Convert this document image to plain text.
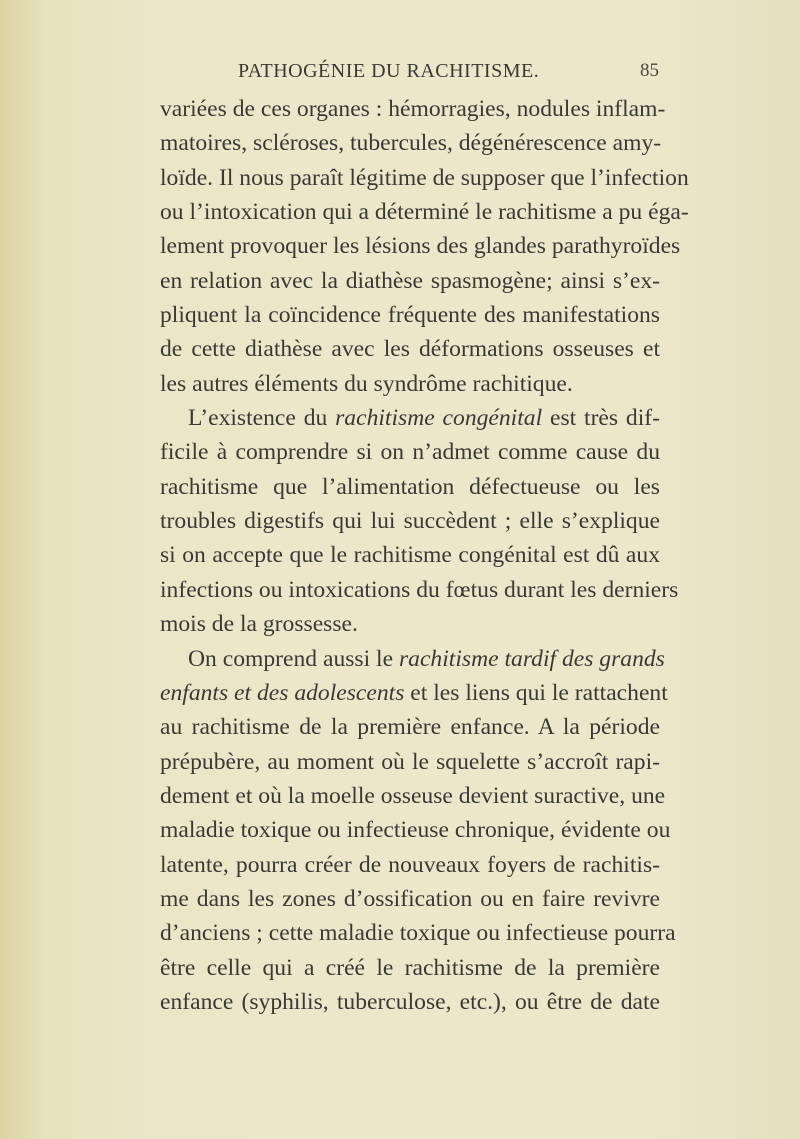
PATHOGÉNIE DU RACHITISME.	85
variées de ces organes : hémorragies, nodules inflam-
matoires, scléroses, tubercules, dégénérescence amy-
loïde. Il nous paraît légitime de supposer que l’infection
ou l’intoxication qui a déterminé le rachitisme a pu éga-
lement provoquer les lésions des glandes parathyroïdes
en relation avec la diathèse spasmogène; ainsi s’ex-
pliquent la coïncidence fréquente des manifestations
de cette diathèse avec les déformations osseuses et
les autres éléments du syndrôme rachitique.
L’existence du rachitisme congénital est très dif-
ficile à comprendre si on n’admet comme cause du
rachitisme que l’alimentation défectueuse ou les
troubles digestifs qui lui succèdent ; elle s’explique
si on accepte que le rachitisme congénital est dû aux
infections ou intoxications du fœtus durant les derniers
mois de la grossesse.
On comprend aussi le rachitisme tardif des grands
enfants et des adolescents et les liens qui le rattachent
au rachitisme de la première enfance. A la période
prépubère, au moment où le squelette s’accroît rapi-
dement et où la moelle osseuse devient suractive, une
maladie toxique ou infectieuse chronique, évidente ou
latente, pourra créer de nouveaux foyers de rachitis-
me dans les zones d’ossification ou en faire revivre
d’anciens ; cette maladie toxique ou infectieuse pourra
être celle qui a créé le rachitisme de la première
enfance (syphilis, tuberculose, etc.), ou être de date
